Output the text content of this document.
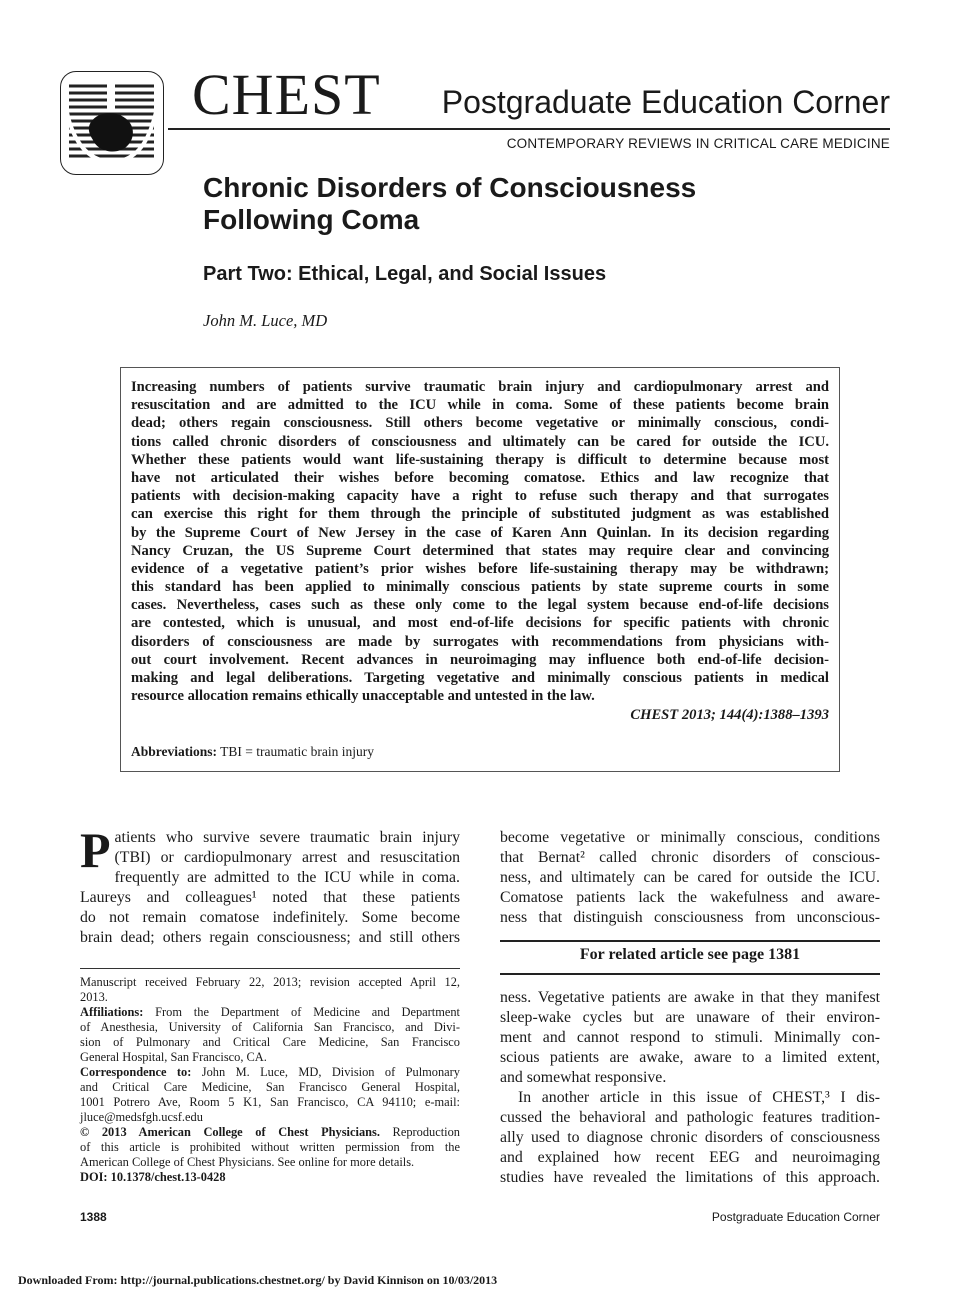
CHEST Postgraduate Education Corner
CONTEMPORARY REVIEWS IN CRITICAL CARE MEDICINE
Chronic Disorders of Consciousness
Following Coma
Part Two: Ethical, Legal, and Social Issues
John M. Luce, MD
Increasing numbers of patients survive traumatic brain injury and cardiopulmonary arrest and
resuscitation and are admitted to the ICU while in coma. Some of these patients become brain
dead; others regain consciousness. Still others become vegetative or minimally conscious, condi-
tions called chronic disorders of consciousness and ultimately can be cared for outside the ICU.
Whether these patients would want life-sustaining therapy is difficult to determine because most
have not articulated their wishes before becoming comatose. Ethics and law recognize that
patients with decision-making capacity have a right to refuse such therapy and that surrogates
can exercise this right for them through the principle of substituted judgment as was established
by the Supreme Court of New Jersey in the case of Karen Ann Quinlan. In its decision regarding
Nancy Cruzan, the US Supreme Court determined that states may require clear and convincing
evidence of a vegetative patient’s prior wishes before life-sustaining therapy may be withdrawn;
this standard has been applied to minimally conscious patients by state supreme courts in some
cases. Nevertheless, cases such as these only come to the legal system because end-of-life decisions
are contested, which is unusual, and most end-of-life decisions for specific patients with chronic
disorders of consciousness are made by surrogates with recommendations from physicians with-
out court involvement. Recent advances in neuroimaging may influence both end-of-life decision-
making and legal deliberations. Targeting vegetative and minimally conscious patients in medical
resource allocation remains ethically unacceptable and untested in the law.
CHEST 2013; 144(4):1388–1393
Abbreviations: TBI = traumatic brain injury
P atients who survive severe traumatic brain injury
(TBI) or cardiopulmonary arrest and resuscitation
frequently are admitted to the ICU while in coma.
Laureys and colleagues¹ noted that these patients
do not remain comatose indefinitely. Some become
brain dead; others regain consciousness; and still others
become vegetative or minimally conscious, conditions
that Bernat² called chronic disorders of conscious-
ness, and ultimately can be cared for outside the ICU.
Comatose patients lack the wakefulness and aware-
ness that distinguish consciousness from unconscious-
For related article see page 1381
ness. Vegetative patients are awake in that they manifest
sleep-wake cycles but are unaware of their environ-
ment and cannot respond to stimuli. Minimally con-
scious patients are awake, aware to a limited extent,
and somewhat responsive.
In another article in this issue of CHEST,³ I dis-
cussed the behavioral and pathologic features tradition-
ally used to diagnose chronic disorders of consciousness
and explained how recent EEG and neuroimaging
studies have revealed the limitations of this approach.
Manuscript received February 22, 2013; revision accepted April 12,
2013.
Affiliations: From the Department of Medicine and Department
of Anesthesia, University of California San Francisco, and Divi-
sion of Pulmonary and Critical Care Medicine, San Francisco
General Hospital, San Francisco, CA.
Correspondence to: John M. Luce, MD, Division of Pulmonary
and Critical Care Medicine, San Francisco General Hospital,
1001 Potrero Ave, Room 5 K1, San Francisco, CA 94110; e-mail:
jluce@medsfgh.ucsf.edu
© 2013 American College of Chest Physicians. Reproduction
of this article is prohibited without written permission from the
American College of Chest Physicians. See online for more details.
DOI: 10.1378/chest.13-0428
1388	Postgraduate Education Corner
Downloaded From: http://journal.publications.chestnet.org/ by David Kinnison on 10/03/2013
